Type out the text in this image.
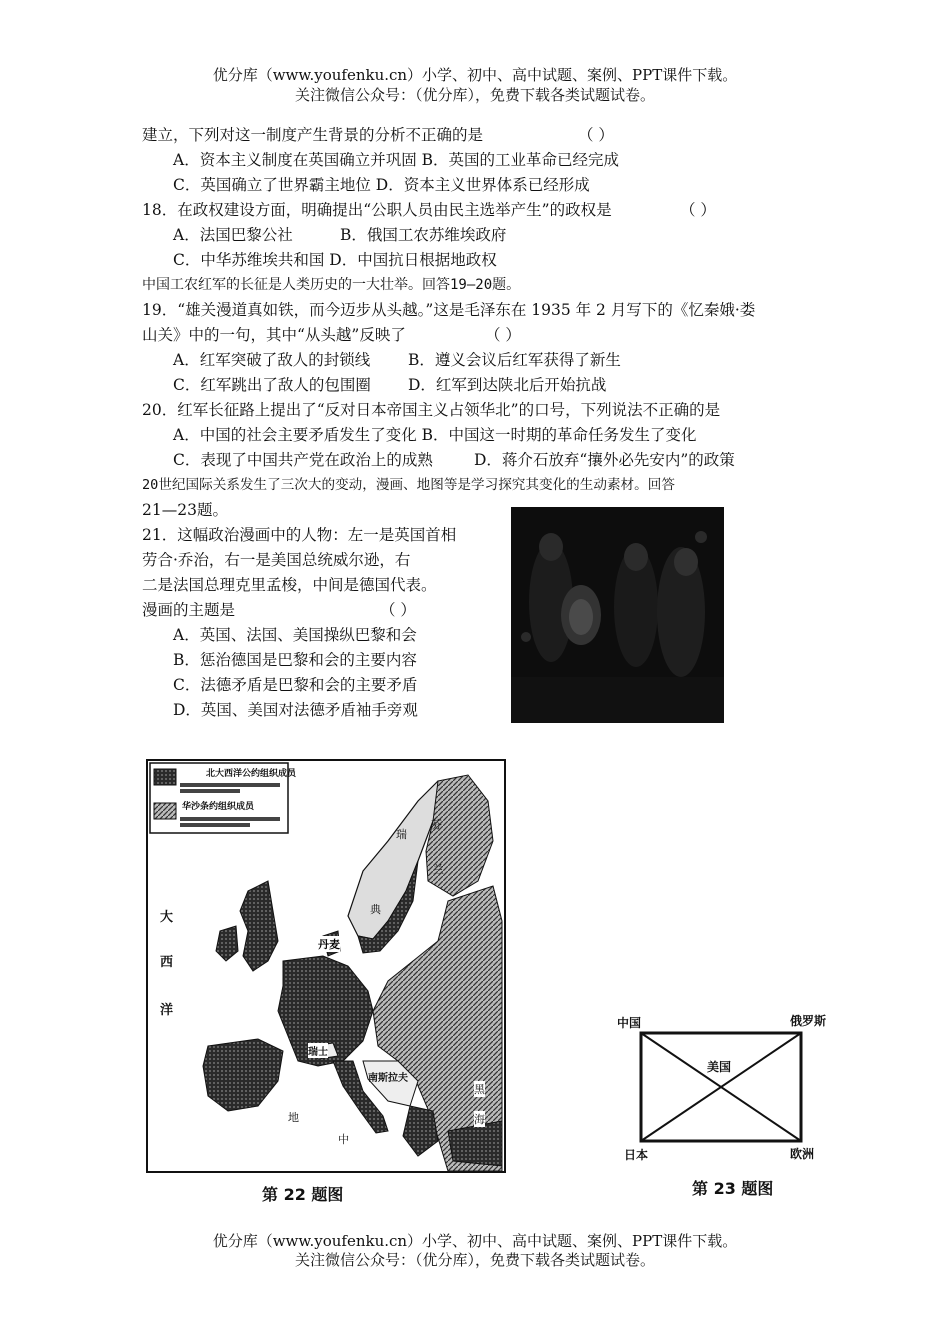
优分库（www.youfenku.cn）小学、初中、高中试题、案例、PPT课件下载。
关注微信公众号：（优分库），免费下载各类试题试卷。
建立，下列对这一制度产生背景的分析不正确的是	（ ）
A．资本主义制度在英国确立并巩固 B．英国的工业革命已经完成
C．英国确立了世界霸主地位 D．资本主义世界体系已经形成
18．在政权建设方面，明确提出“公职人员由民主选举产生”的政权是	（ ）
A．法国巴黎公社	B．俄国工农苏维埃政府
C．中华苏维埃共和国 D．中国抗日根据地政权
中国工农红军的长征是人类历史的一大壮举。回答19—20题。
19．“雄关漫道真如铁，而今迈步从头越。”这是毛泽东在 1935 年 2 月写下的《忆秦娥·娄
山关》中的一句，其中“从头越”反映了	（ ）
A．红军突破了敌人的封锁线 B．遵义会议后红军获得了新生
C．红军跳出了敌人的包围圈 D．红军到达陕北后开始抗战
20．红军长征路上提出了“反对日本帝国主义占领华北”的口号，下列说法不正确的是
A．中国的社会主要矛盾发生了变化 B．中国这一时期的革命任务发生了变化
C．表现了中国共产党在政治上的成熟	D．蒋介石放弃“攘外必先安内”的政策
20世纪国际关系发生了三次大的变动，漫画、地图等是学习探究其变化的生动素材。回答
21—23题。
21．这幅政治漫画中的人物：左一是英国首相
劳合·乔治，右一是美国总统威尔逊，右
二是法国总理克里孟梭，中间是德国代表。
漫画的主题是	（ ）
A．英国、法国、美国操纵巴黎和会
B．惩治德国是巴黎和会的主要内容
C．法德矛盾是巴黎和会的主要矛盾
D．英国、美国对法德矛盾袖手旁观
北大西洋公约组织成员
华沙条约组织成员
大
西
洋
瑞
典
芬
兰
丹麦
瑞士
南斯拉夫
地
中
黑
海
第 22 题图
中国	俄罗斯
美国
日本	欧洲
第 23 题图
优分库（www.youfenku.cn）小学、初中、高中试题、案例、PPT课件下载。
关注微信公众号：（优分库），免费下载各类试题试卷。
